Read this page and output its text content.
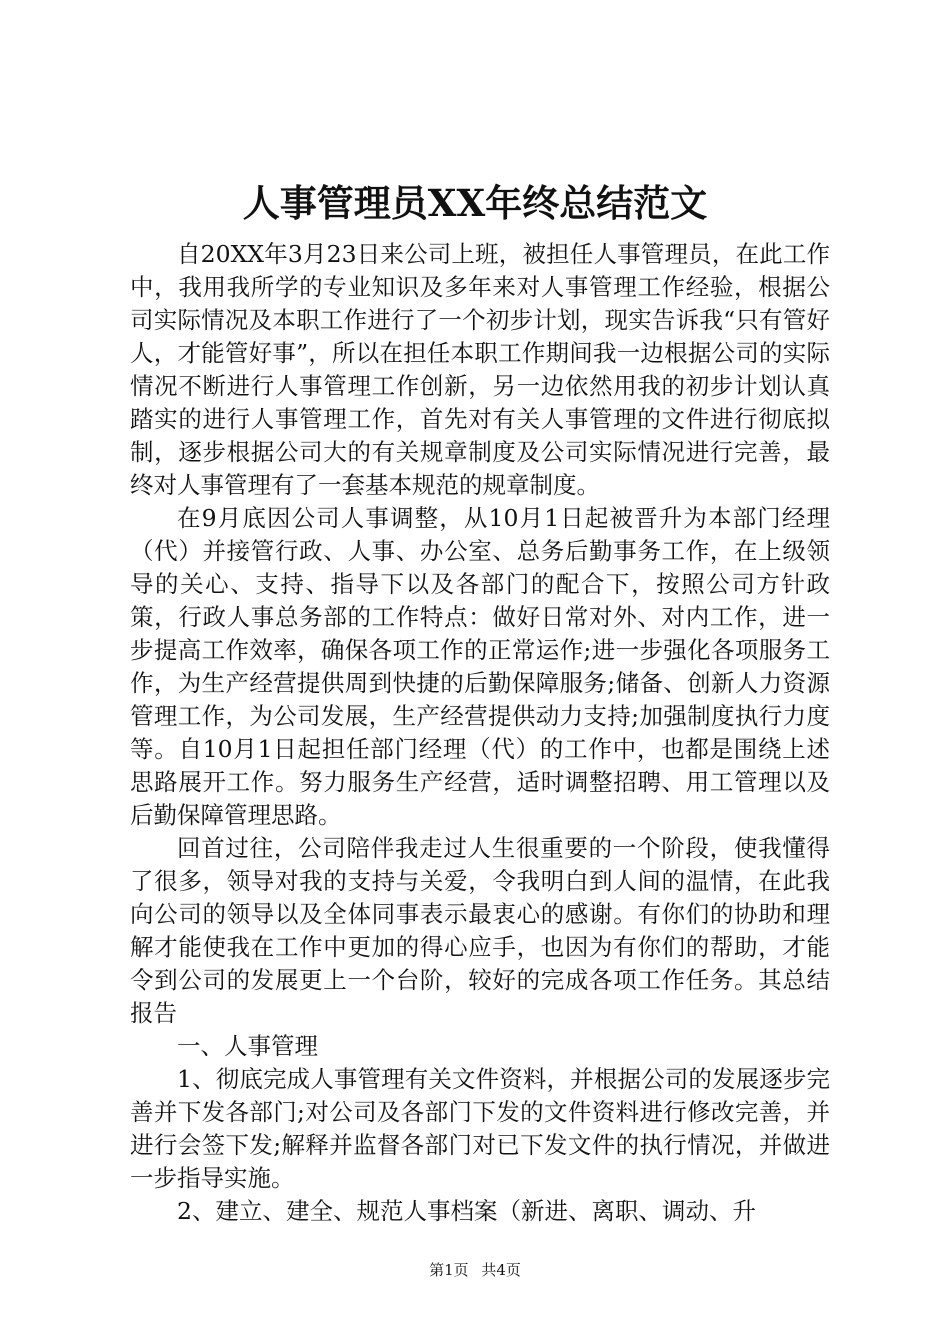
人事管理员XX年终总结范文

自20XX年3月23日来公司上班，被担任人事管理员，在此工作中，我用我所学的专业知识及多年来对人事管理工作经验，根据公司实际情况及本职工作进行了一个初步计划，现实告诉我“只有管好人，才能管好事”，所以在担任本职工作期间我一边根据公司的实际情况不断进行人事管理工作创新，另一边依然用我的初步计划认真踏实的进行人事管理工作，首先对有关人事管理的文件进行彻底拟制，逐步根据公司大的有关规章制度及公司实际情况进行完善，最终对人事管理有了一套基本规范的规章制度。

在9月底因公司人事调整，从10月1日起被晋升为本部门经理（代）并接管行政、人事、办公室、总务后勤事务工作，在上级领导的关心、支持、指导下以及各部门的配合下，按照公司方针政策，行政人事总务部的工作特点：做好日常对外、对内工作，进一步提高工作效率，确保各项工作的正常运作;进一步强化各项服务工作，为生产经营提供周到快捷的后勤保障服务;储备、创新人力资源管理工作，为公司发展，生产经营提供动力支持;加强制度执行力度等。自10月1日起担任部门经理（代）的工作中，也都是围绕上述思路展开工作。努力服务生产经营，适时调整招聘、用工管理以及后勤保障管理思路。

回首过往，公司陪伴我走过人生很重要的一个阶段，使我懂得了很多，领导对我的支持与关爱，令我明白到人间的温情，在此我向公司的领导以及全体同事表示最衷心的感谢。有你们的协助和理解才能使我在工作中更加的得心应手，也因为有你们的帮助，才能令到公司的发展更上一个台阶，较好的完成各项工作任务。其总结报告

一、人事管理

1、彻底完成人事管理有关文件资料，并根据公司的发展逐步完善并下发各部门;对公司及各部门下发的文件资料进行修改完善，并进行会签下发;解释并监督各部门对已下发文件的执行情况，并做进一步指导实施。

2、建立、建全、规范人事档案（新进、离职、调动、升

第1页 共4页
